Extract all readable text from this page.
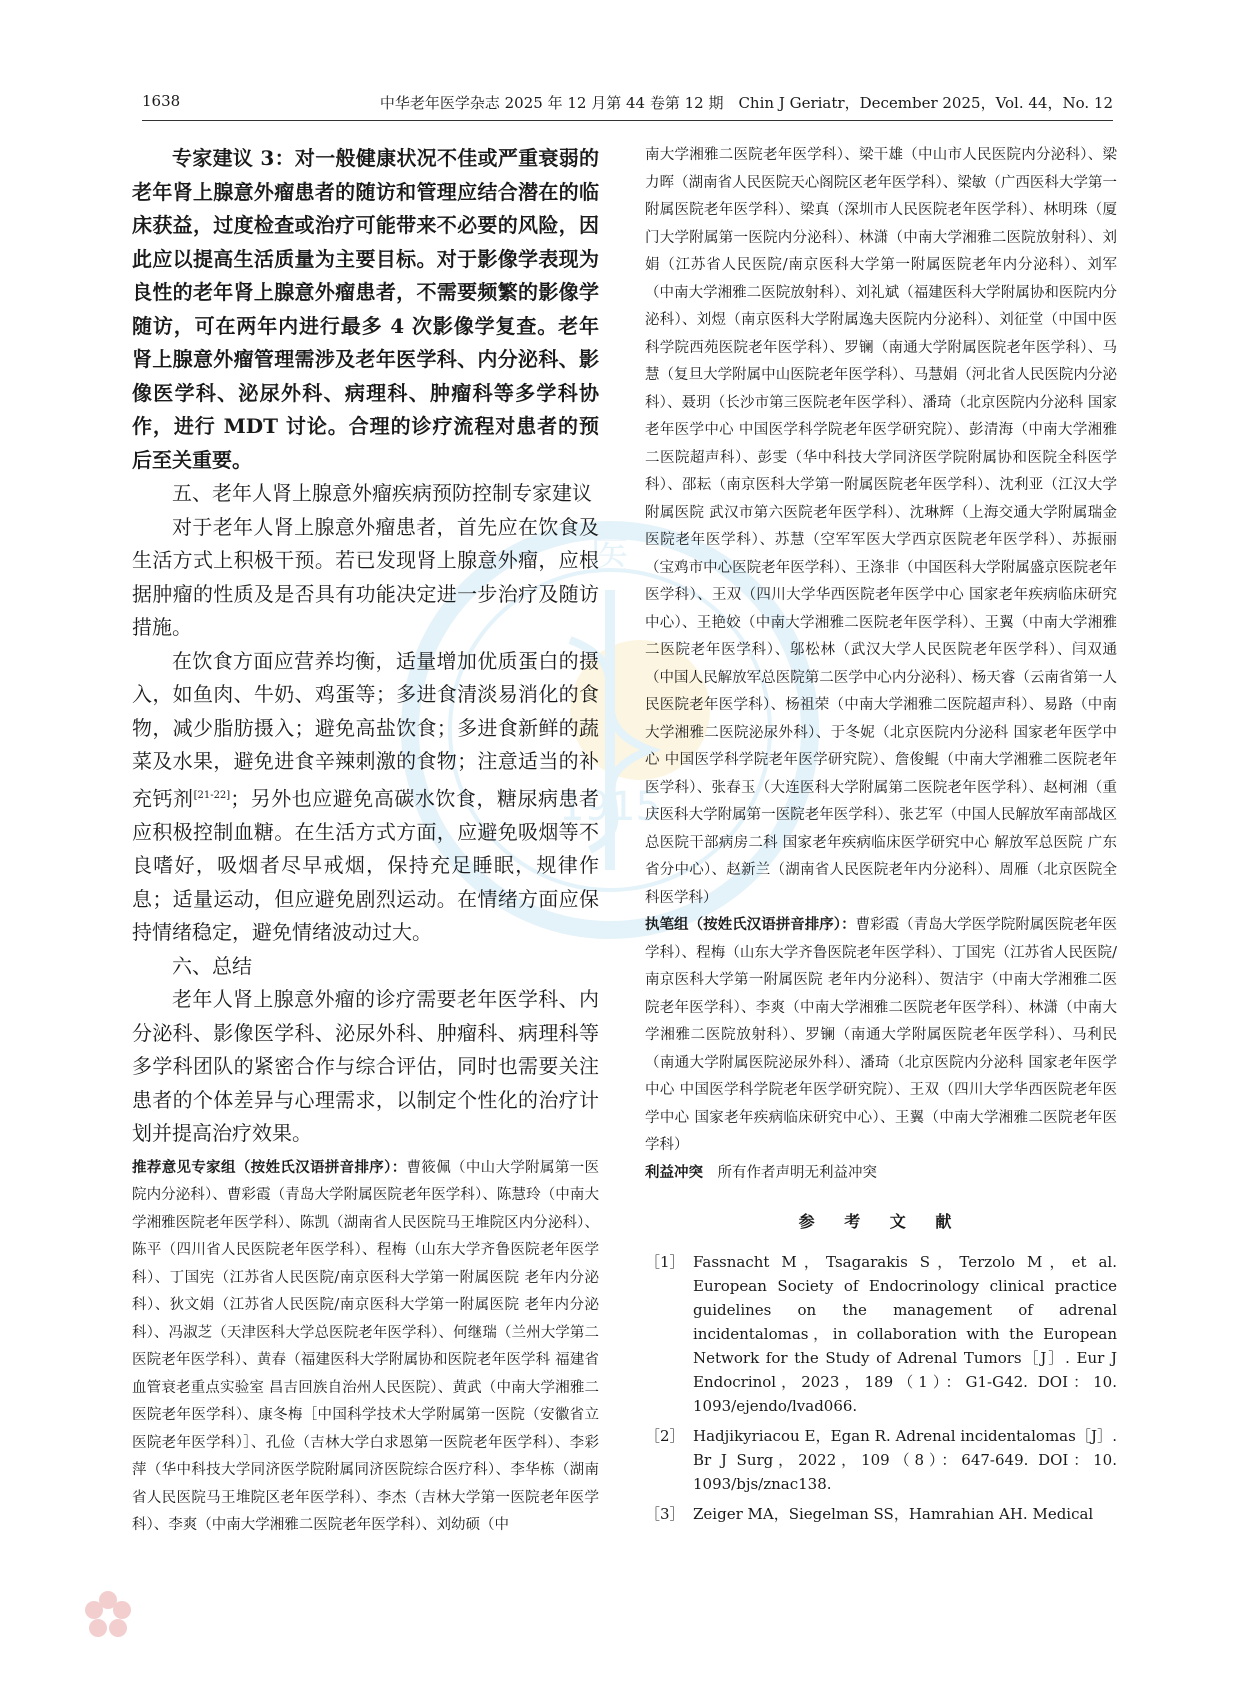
1638	中华老年医学杂志 2025 年 12 月第 44 卷第 12 期　Chin J Geriatr，December 2025，Vol. 44，No. 12
1915
医

专家建议 3：对一般健康状况不佳或严重衰弱的老年肾上腺意外瘤患者的随访和管理应结合潜在的临床获益，过度检查或治疗可能带来不必要的风险，因此应以提高生活质量为主要目标。对于影像学表现为良性的老年肾上腺意外瘤患者，不需要频繁的影像学随访，可在两年内进行最多 4 次影像学复查。老年肾上腺意外瘤管理需涉及老年医学科、内分泌科、影像医学科、泌尿外科、病理科、肿瘤科等多学科协作，进行 MDT 讨论。合理的诊疗流程对患者的预后至关重要。

五、老年人肾上腺意外瘤疾病预防控制专家建议

对于老年人肾上腺意外瘤患者，首先应在饮食及生活方式上积极干预。若已发现肾上腺意外瘤，应根据肿瘤的性质及是否具有功能决定进一步治疗及随访措施。

在饮食方面应营养均衡，适量增加优质蛋白的摄入，如鱼肉、牛奶、鸡蛋等；多进食清淡易消化的食物，减少脂肪摄入；避免高盐饮食；多进食新鲜的蔬菜及水果，避免进食辛辣刺激的食物；注意适当的补充钙剂[21-22]；另外也应避免高碳水饮食，糖尿病患者应积极控制血糖。在生活方式方面，应避免吸烟等不良嗜好，吸烟者尽早戒烟，保持充足睡眠，规律作息；适量运动，但应避免剧烈运动。在情绪方面应保持情绪稳定，避免情绪波动过大。

六、总结

老年人肾上腺意外瘤的诊疗需要老年医学科、内分泌科、影像医学科、泌尿外科、肿瘤科、病理科等多学科团队的紧密合作与综合评估，同时也需要关注患者的个体差异与心理需求，以制定个性化的治疗计划并提高治疗效果。

推荐意见专家组（按姓氏汉语拼音排序）：曹筱佩（中山大学附属第一医院内分泌科）、曹彩霞（青岛大学附属医院老年医学科）、陈慧玲（中南大学湘雅医院老年医学科）、陈凯（湖南省人民医院马王堆院区内分泌科）、陈平（四川省人民医院老年医学科）、程梅（山东大学齐鲁医院老年医学科）、丁国宪（江苏省人民医院/南京医科大学第一附属医院 老年内分泌科）、狄文娟（江苏省人民医院/南京医科大学第一附属医院 老年内分泌科）、冯淑芝（天津医科大学总医院老年医学科）、何继瑞（兰州大学第二医院老年医学科）、黄春（福建医科大学附属协和医院老年医学科 福建省血管衰老重点实验室 昌吉回族自治州人民医院）、黄武（中南大学湘雅二医院老年医学科）、康冬梅［中国科学技术大学附属第一医院（安徽省立医院老年医学科）］、孔俭（吉林大学白求恩第一医院老年医学科）、李彩萍（华中科技大学同济医学院附属同济医院综合医疗科）、李华栋（湖南省人民医院马王堆院区老年医学科）、李杰（吉林大学第一医院老年医学科）、李爽（中南大学湘雅二医院老年医学科）、刘幼硕（中

南大学湘雅二医院老年医学科）、梁干雄（中山市人民医院内分泌科）、梁力晖（湖南省人民医院天心阁院区老年医学科）、梁敏（广西医科大学第一附属医院老年医学科）、梁真（深圳市人民医院老年医学科）、林明珠（厦门大学附属第一医院内分泌科）、林潇（中南大学湘雅二医院放射科）、刘娟（江苏省人民医院/南京医科大学第一附属医院老年内分泌科）、刘军（中南大学湘雅二医院放射科）、刘礼斌（福建医科大学附属协和医院内分泌科）、刘煜（南京医科大学附属逸夫医院内分泌科）、刘征堂（中国中医科学院西苑医院老年医学科）、罗镧（南通大学附属医院老年医学科）、马慧（复旦大学附属中山医院老年医学科）、马慧娟（河北省人民医院内分泌科）、聂玥（长沙市第三医院老年医学科）、潘琦（北京医院内分泌科 国家老年医学中心 中国医学科学院老年医学研究院）、彭清海（中南大学湘雅二医院超声科）、彭雯（华中科技大学同济医学院附属协和医院全科医学科）、邵耘（南京医科大学第一附属医院老年医学科）、沈利亚（江汉大学附属医院 武汉市第六医院老年医学科）、沈琳辉（上海交通大学附属瑞金医院老年医学科）、苏慧（空军军医大学西京医院老年医学科）、苏振丽（宝鸡市中心医院老年医学科）、王涤非（中国医科大学附属盛京医院老年医学科）、王双（四川大学华西医院老年医学中心 国家老年疾病临床研究中心）、王艳姣（中南大学湘雅二医院老年医学科）、王翼（中南大学湘雅二医院老年医学科）、邬松林（武汉大学人民医院老年医学科）、闫双通（中国人民解放军总医院第二医学中心内分泌科）、杨天睿（云南省第一人民医院老年医学科）、杨祖荣（中南大学湘雅二医院超声科）、易路（中南大学湘雅二医院泌尿外科）、于冬妮（北京医院内分泌科 国家老年医学中心 中国医学科学院老年医学研究院）、詹俊鲲（中南大学湘雅二医院老年医学科）、张春玉（大连医科大学附属第二医院老年医学科）、赵柯湘（重庆医科大学附属第一医院老年医学科）、张艺军（中国人民解放军南部战区总医院干部病房二科 国家老年疾病临床医学研究中心 解放军总医院 广东省分中心）、赵新兰（湖南省人民医院老年内分泌科）、周雁（北京医院全科医学科）

执笔组（按姓氏汉语拼音排序）：曹彩霞（青岛大学医学院附属医院老年医学科）、程梅（山东大学齐鲁医院老年医学科）、丁国宪（江苏省人民医院/南京医科大学第一附属医院 老年内分泌科）、贺洁宇（中南大学湘雅二医院老年医学科）、李爽（中南大学湘雅二医院老年医学科）、林潇（中南大学湘雅二医院放射科）、罗镧（南通大学附属医院老年医学科）、马利民（南通大学附属医院泌尿外科）、潘琦（北京医院内分泌科 国家老年医学中心 中国医学科学院老年医学研究院）、王双（四川大学华西医院老年医学中心 国家老年疾病临床研究中心）、王翼（中南大学湘雅二医院老年医学科）

利益冲突　 所有作者声明无利益冲突

参 考 文 献

［1］ Fassnacht M，Tsagarakis S，Terzolo M，et al. European Society of Endocrinology clinical practice guidelines on the management of adrenal incidentalomas，in collaboration with the European Network for the Study of Adrenal Tumors［J］. Eur J Endocrinol，2023，189（1）：G1-G42. DOI：10. 1093/ejendo/lvad066.

［2］ Hadjikyriacou E，Egan R. Adrenal incidentalomas［J］. Br J Surg，2022，109（8）：647-649. DOI：10. 1093/bjs/znac138.

［3］ Zeiger MA，Siegelman SS，Hamrahian AH. Medical
